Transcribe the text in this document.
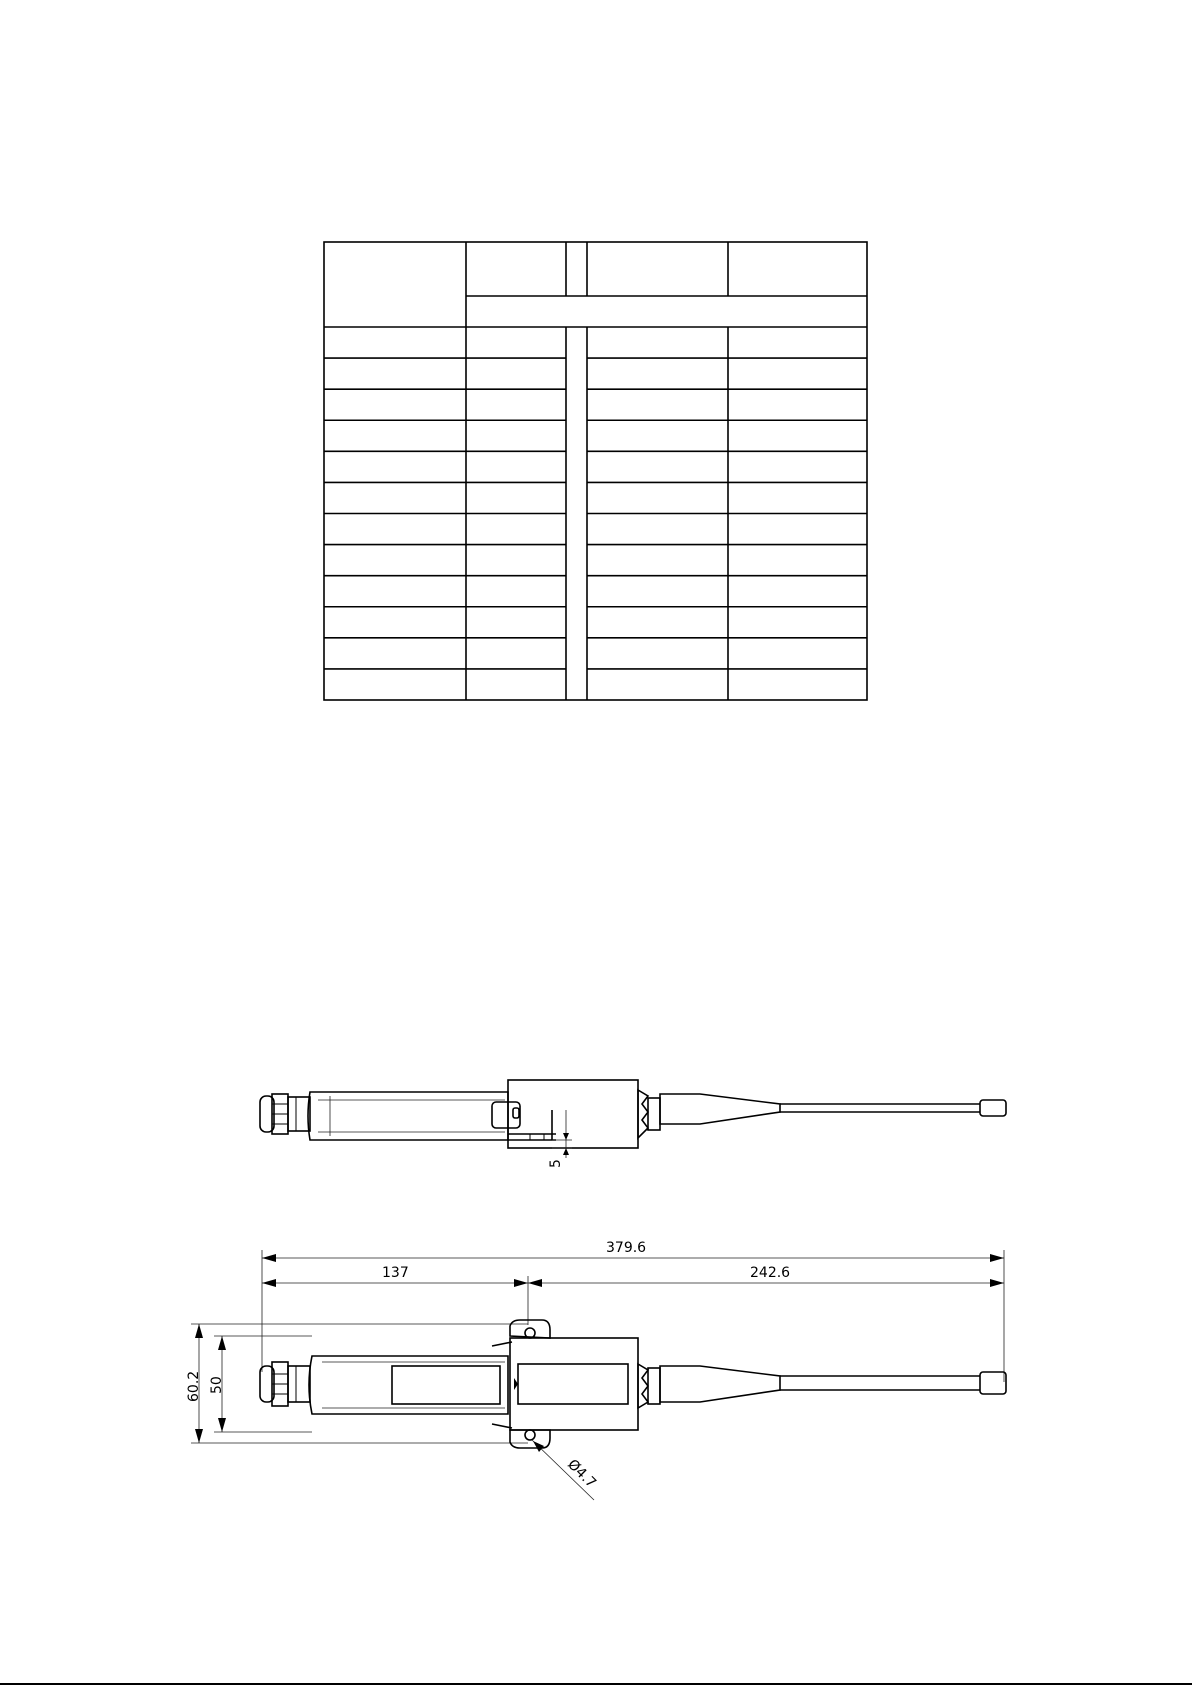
5
379.6
137	242.6
60.2 50
Ø4.7
